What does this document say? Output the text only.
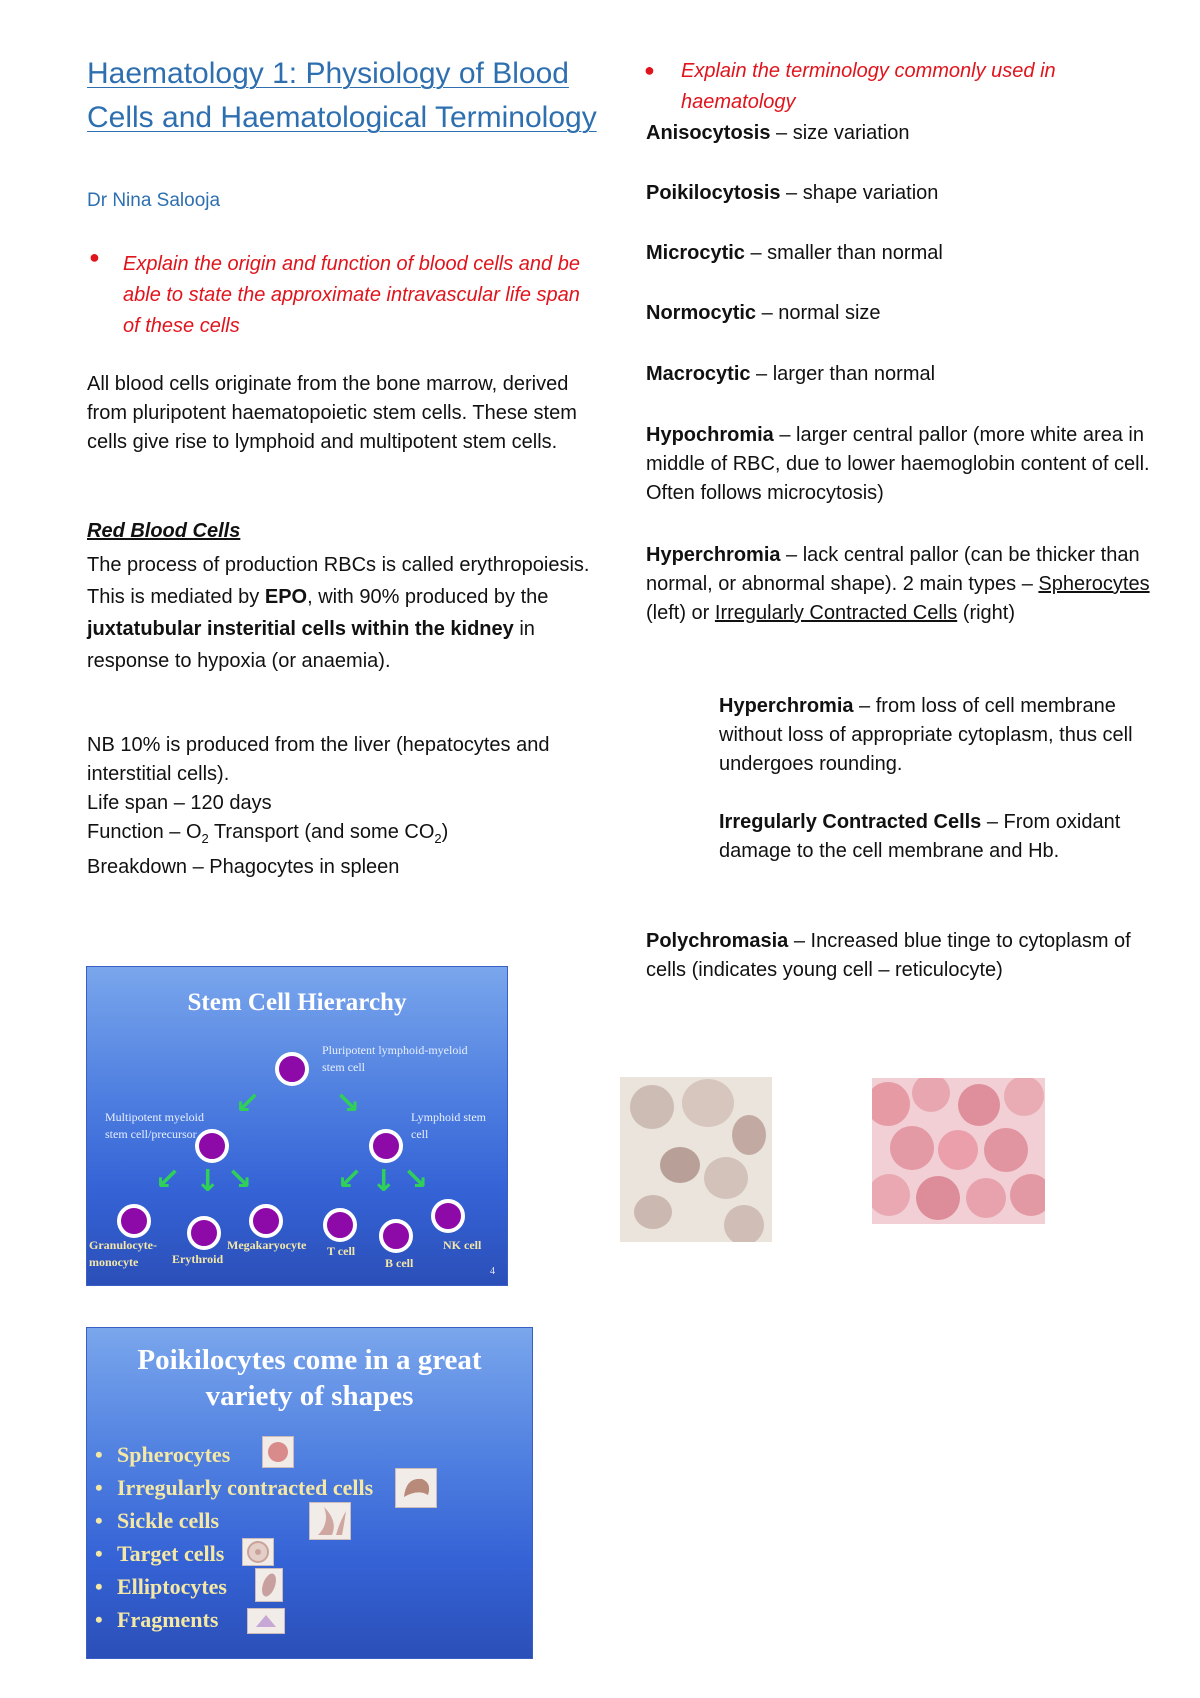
Haematology 1: Physiology of Blood Cells and Haematological Terminology
Dr Nina Salooja
● Explain the origin and function of blood cells and be able to state the approximate intravascular life span of these cells

All blood cells originate from the bone marrow, derived from pluripotent haematopoietic stem cells. These stem cells give rise to lymphoid and multipotent stem cells.

Red Blood Cells

The process of production RBCs is called erythropoiesis. This is mediated by EPO, with 90% produced by the juxtatubular insteritial cells within the kidney in response to hypoxia (or anaemia).

NB 10% is produced from the liver (hepatocytes and interstitial cells).

Life span – 120 days

Function – $O_2$ Transport (and some $CO_2$)

Breakdown – Phagocytes in spleen

Stem Cell Hierarchy
Pluripotent lymphoid-myeloid stem cell
↙ ↘
Multipotent myeloid stem cell/precursor
Lymphoid stem cell
↙ ↓ ↘	↙ ↓ ↘
Granulocyte-monocyte	Erythroid
Megakaryocyte T cell
B cell
NK cell
4
Poikilocytes come in a great
variety of shapes
• Spherocytes
• Irregularly contracted cells
• Sickle cells
• Target cells
• Elliptocytes
• Fragments
● Explain the terminology commonly used in haematology

Anisocytosis – size variation
Poikilocytosis – shape variation
Microcytic – smaller than normal
Normocytic – normal size
Macrocytic – larger than normal
Hypochromia – larger central pallor (more white area in middle of RBC, due to lower haemoglobin content of cell. Often follows microcytosis)
Hyperchromia – lack central pallor (can be thicker than normal, or abnormal shape). 2 main types – Spherocytes (left) or Irregularly Contracted Cells (right)
Hyperchromia – from loss of cell membrane without loss of appropriate cytoplasm, thus cell undergoes rounding.
Irregularly Contracted Cells – From oxidant damage to the cell membrane and Hb.
Polychromasia – Increased blue tinge to cytoplasm of cells (indicates young cell – reticulocyte)
